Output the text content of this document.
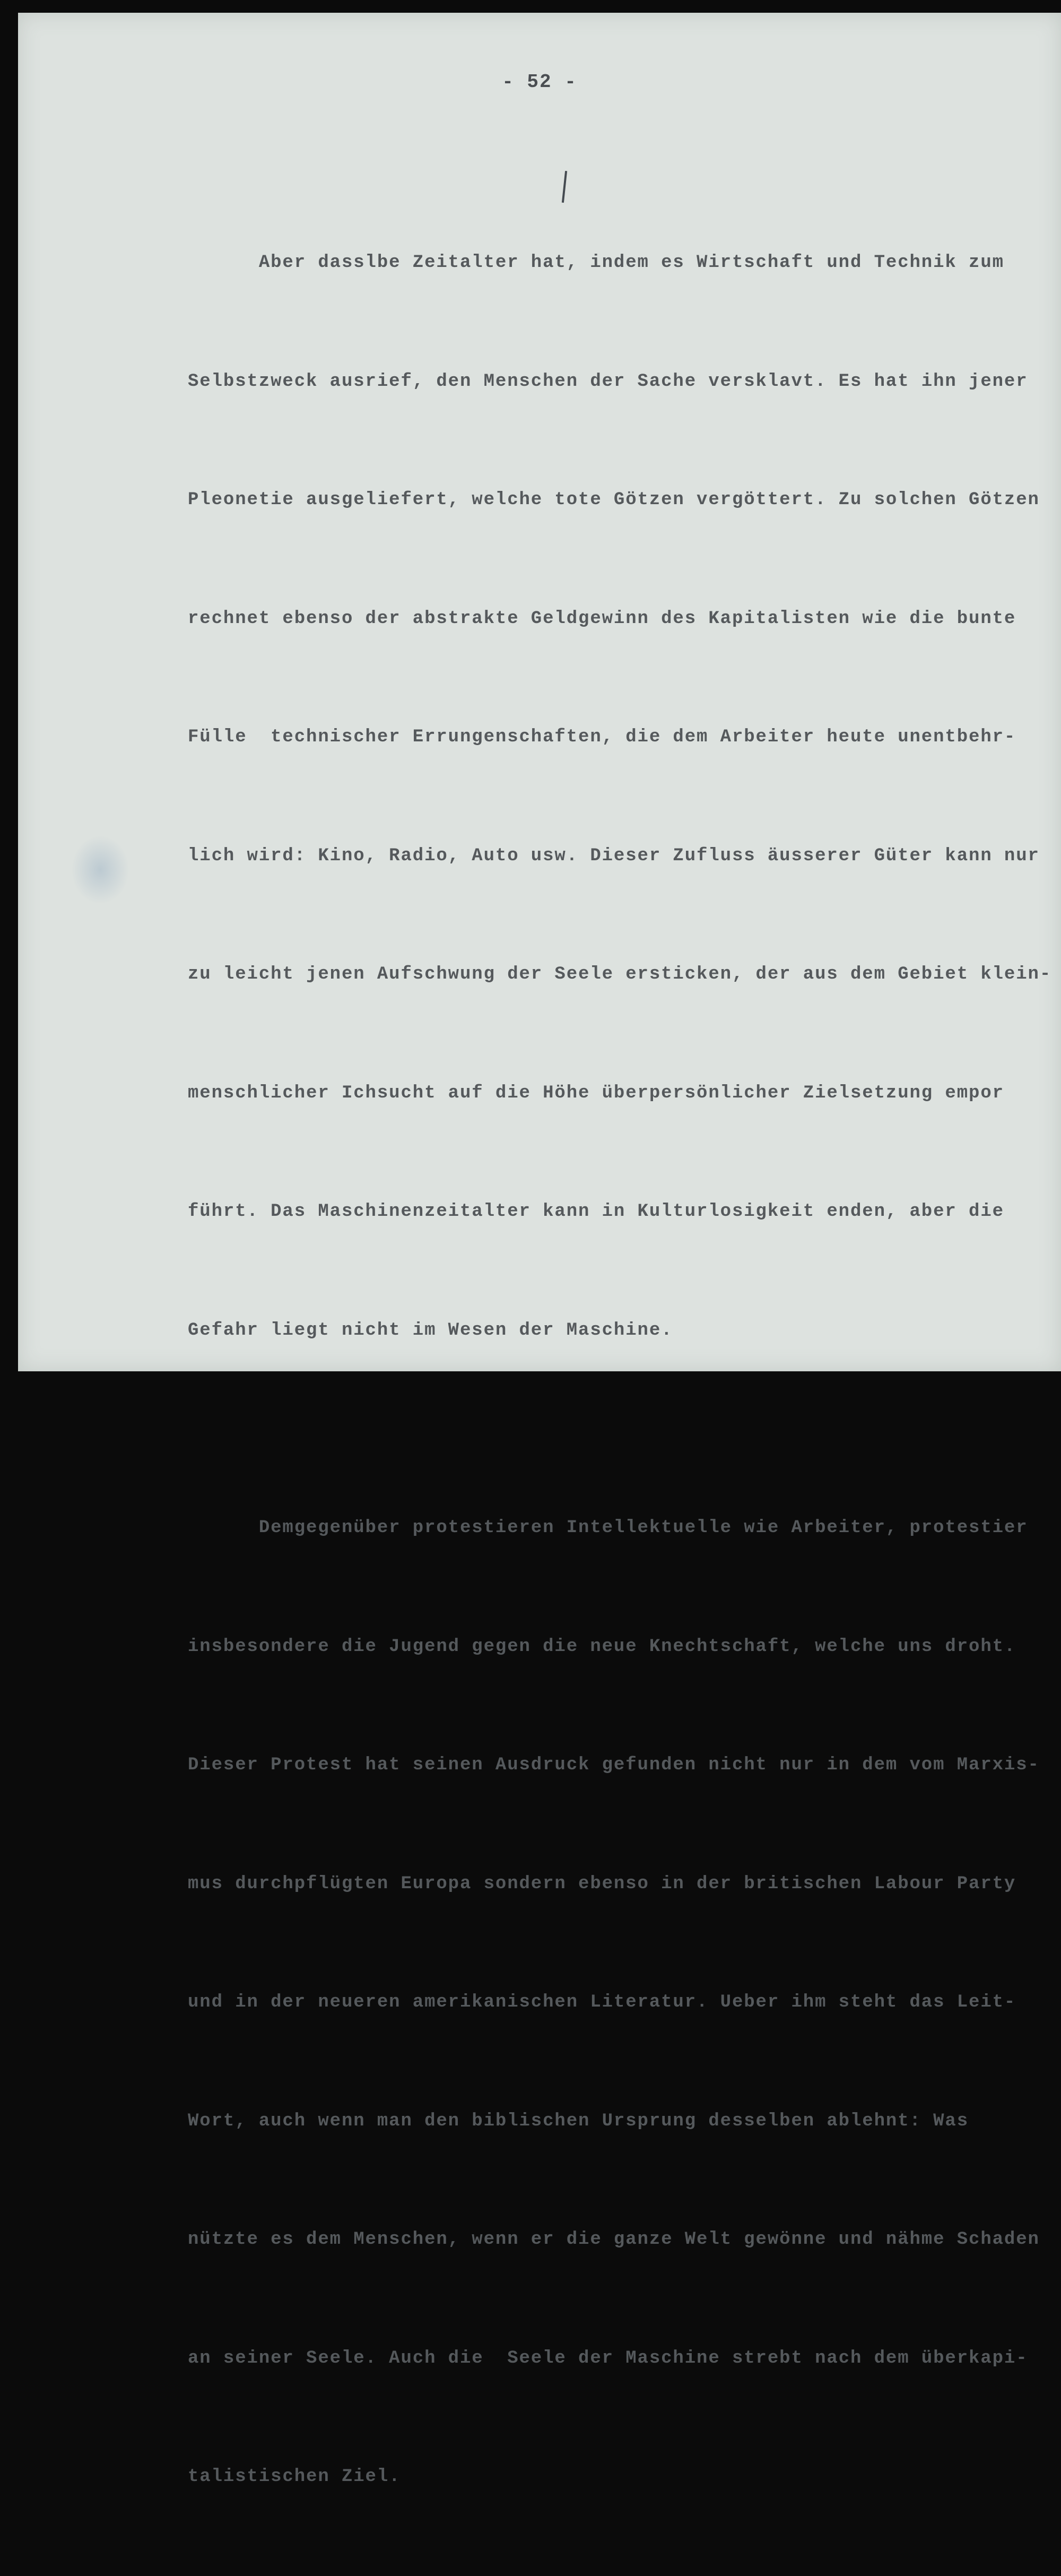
- 52 -

Aber dasslbe Zeitalter hat, indem es Wirtschaft und Technik zum

Selbstzweck ausrief, den Menschen der Sache versklavt. Es hat ihn jener

Pleonetie ausgeliefert, welche tote Götzen vergöttert. Zu solchen Götzen

rechnet ebenso der abstrakte Geldgewinn des Kapitalisten wie die bunte

Fülle  technischer Errungenschaften, die dem Arbeiter heute unentbehr-

lich wird: Kino, Radio, Auto usw. Dieser Zufluss äusserer Güter kann nur

zu leicht jenen Aufschwung der Seele ersticken, der aus dem Gebiet klein-

menschlicher Ichsucht auf die Höhe überpersönlicher Zielsetzung empor

führt. Das Maschinenzeitalter kann in Kulturlosigkeit enden, aber die

Gefahr liegt nicht im Wesen der Maschine.

Demgegenüber protestieren Intellektuelle wie Arbeiter, protestier

insbesondere die Jugend gegen die neue Knechtschaft, welche uns droht.

Dieser Protest hat seinen Ausdruck gefunden nicht nur in dem vom Marxis-

mus durchpflügten Europa sondern ebenso in der britischen Labour Party

und in der neueren amerikanischen Literatur. Ueber ihm steht das Leit-

Wort, auch wenn man den biblischen Ursprung desselben ablehnt: Was

nützte es dem Menschen, wenn er die ganze Welt gewönne und nähme Schaden

an seiner Seele. Auch die  Seele der Maschine strebt nach dem überkapi-

talistischen Ziel.
